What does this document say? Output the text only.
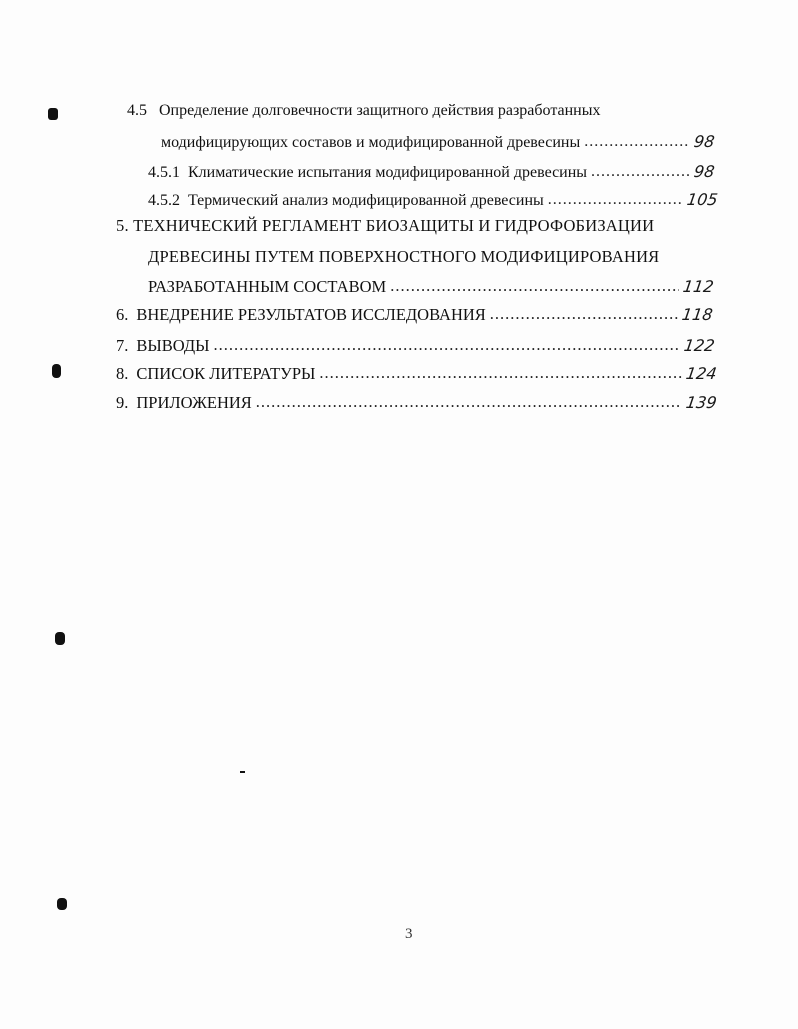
4.5 Определение долговечности защитного действия разработанных
модифицирующих составов и модифицированной древесины .....	98
4.5.1 Климатические испытания модифицированной древесины .....	98
4.5.2 Термический анализ модифицированной древесины .....	105
5. ТЕХНИЧЕСКИЙ РЕГЛАМЕНТ БИОЗАЩИТЫ И ГИДРОФОБИЗАЦИИ
ДРЕВЕСИНЫ ПУТЕМ ПОВЕРХНОСТНОГО МОДИФИЦИРОВАНИЯ
РАЗРАБОТАННЫМ СОСТАВОМ .....	112
6. ВНЕДРЕНИЕ РЕЗУЛЬТАТОВ ИССЛЕДОВАНИЯ .....	118
7. ВЫВОДЫ .....	122
8. СПИСОК ЛИТЕРАТУРЫ .....	124
9. ПРИЛОЖЕНИЯ .....	139
3
